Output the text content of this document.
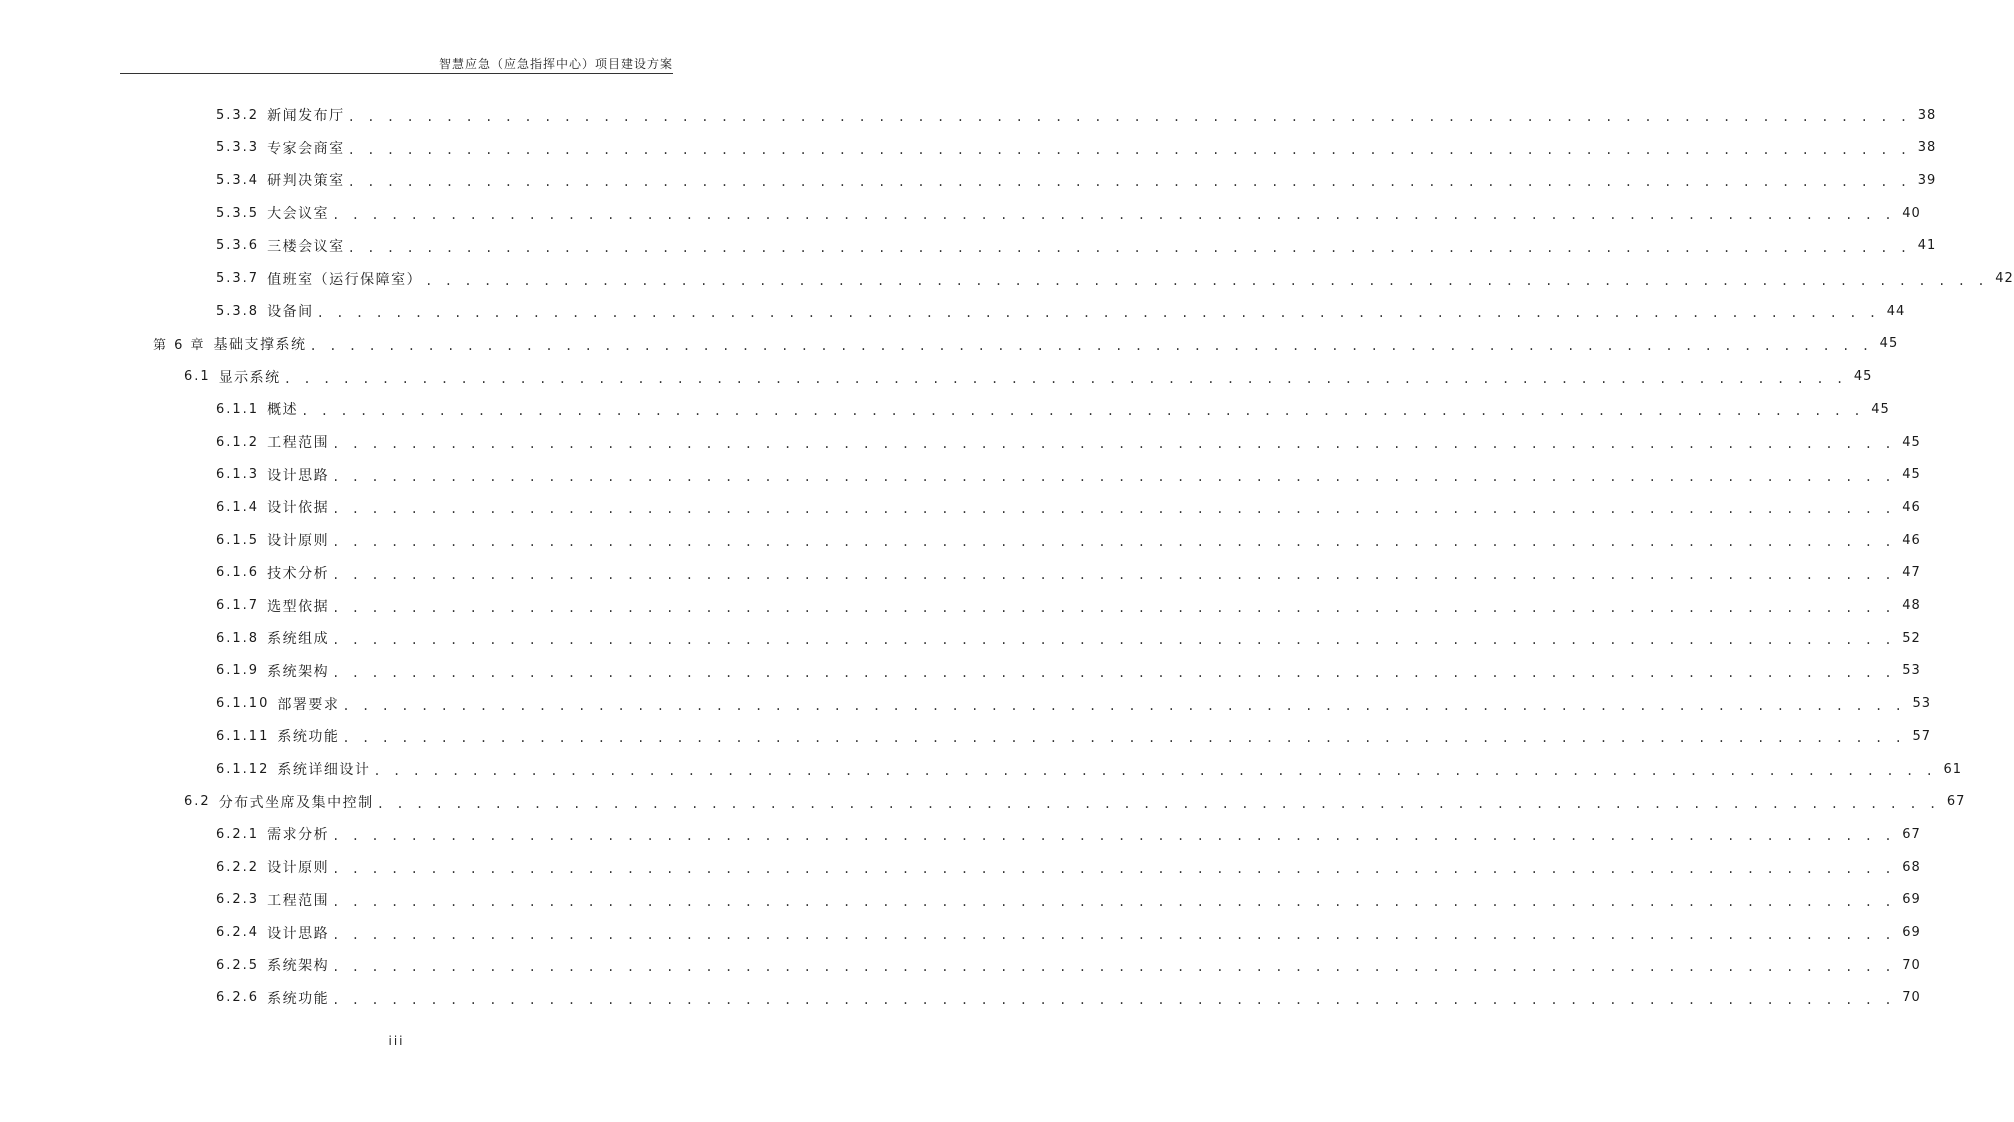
智慧应急（应急指挥中心）项目建设方案
5.3.2 新闻发布厅 . . . . . . . . . . . . . . . . . . . . . . . . . . . . . . . . . . . . . . . . . . . . . . . . . . . . . . . . . . . . . . . . . . . . . . . . . . . . . . . . 38
5.3.3 专家会商室 . . . . . . . . . . . . . . . . . . . . . . . . . . . . . . . . . . . . . . . . . . . . . . . . . . . . . . . . . . . . . . . . . . . . . . . . . . . . . . . . 38
5.3.4 研判决策室 . . . . . . . . . . . . . . . . . . . . . . . . . . . . . . . . . . . . . . . . . . . . . . . . . . . . . . . . . . . . . . . . . . . . . . . . . . . . . . . . 39
5.3.5 大会议室 . . . . . . . . . . . . . . . . . . . . . . . . . . . . . . . . . . . . . . . . . . . . . . . . . . . . . . . . . . . . . . . . . . . . . . . . . . . . . . . . 40
5.3.6 三楼会议室 . . . . . . . . . . . . . . . . . . . . . . . . . . . . . . . . . . . . . . . . . . . . . . . . . . . . . . . . . . . . . . . . . . . . . . . . . . . . . . . . 41
5.3.7 值班室（运行保障室） . . . . . . . . . . . . . . . . . . . . . . . . . . . . . . . . . . . . . . . . . . . . . . . . . . . . . . . . . . . . . . . . . . . . . . . . . . . . . . . . 42
5.3.8 设备间 . . . . . . . . . . . . . . . . . . . . . . . . . . . . . . . . . . . . . . . . . . . . . . . . . . . . . . . . . . . . . . . . . . . . . . . . . . . . . . . . 44
第 6 章 基础支撑系统 . . . . . . . . . . . . . . . . . . . . . . . . . . . . . . . . . . . . . . . . . . . . . . . . . . . . . . . . . . . . . . . . . . . . . . . . . . . . . . . . 45
6.1 显示系统 . . . . . . . . . . . . . . . . . . . . . . . . . . . . . . . . . . . . . . . . . . . . . . . . . . . . . . . . . . . . . . . . . . . . . . . . . . . . . . . . 45
6.1.1 概述 . . . . . . . . . . . . . . . . . . . . . . . . . . . . . . . . . . . . . . . . . . . . . . . . . . . . . . . . . . . . . . . . . . . . . . . . . . . . . . . . 45
6.1.2 工程范围 . . . . . . . . . . . . . . . . . . . . . . . . . . . . . . . . . . . . . . . . . . . . . . . . . . . . . . . . . . . . . . . . . . . . . . . . . . . . . . . . 45
6.1.3 设计思路 . . . . . . . . . . . . . . . . . . . . . . . . . . . . . . . . . . . . . . . . . . . . . . . . . . . . . . . . . . . . . . . . . . . . . . . . . . . . . . . . 45
6.1.4 设计依据 . . . . . . . . . . . . . . . . . . . . . . . . . . . . . . . . . . . . . . . . . . . . . . . . . . . . . . . . . . . . . . . . . . . . . . . . . . . . . . . . 46
6.1.5 设计原则 . . . . . . . . . . . . . . . . . . . . . . . . . . . . . . . . . . . . . . . . . . . . . . . . . . . . . . . . . . . . . . . . . . . . . . . . . . . . . . . . 46
6.1.6 技术分析 . . . . . . . . . . . . . . . . . . . . . . . . . . . . . . . . . . . . . . . . . . . . . . . . . . . . . . . . . . . . . . . . . . . . . . . . . . . . . . . . 47
6.1.7 选型依据 . . . . . . . . . . . . . . . . . . . . . . . . . . . . . . . . . . . . . . . . . . . . . . . . . . . . . . . . . . . . . . . . . . . . . . . . . . . . . . . . 48
6.1.8 系统组成 . . . . . . . . . . . . . . . . . . . . . . . . . . . . . . . . . . . . . . . . . . . . . . . . . . . . . . . . . . . . . . . . . . . . . . . . . . . . . . . . 52
6.1.9 系统架构 . . . . . . . . . . . . . . . . . . . . . . . . . . . . . . . . . . . . . . . . . . . . . . . . . . . . . . . . . . . . . . . . . . . . . . . . . . . . . . . . 53
6.1.10 部署要求 . . . . . . . . . . . . . . . . . . . . . . . . . . . . . . . . . . . . . . . . . . . . . . . . . . . . . . . . . . . . . . . . . . . . . . . . . . . . . . . . 53
6.1.11 系统功能 . . . . . . . . . . . . . . . . . . . . . . . . . . . . . . . . . . . . . . . . . . . . . . . . . . . . . . . . . . . . . . . . . . . . . . . . . . . . . . . . 57
6.1.12 系统详细设计 . . . . . . . . . . . . . . . . . . . . . . . . . . . . . . . . . . . . . . . . . . . . . . . . . . . . . . . . . . . . . . . . . . . . . . . . . . . . . . . . 61
6.2 分布式坐席及集中控制 . . . . . . . . . . . . . . . . . . . . . . . . . . . . . . . . . . . . . . . . . . . . . . . . . . . . . . . . . . . . . . . . . . . . . . . . . . . . . . . . 67
6.2.1 需求分析 . . . . . . . . . . . . . . . . . . . . . . . . . . . . . . . . . . . . . . . . . . . . . . . . . . . . . . . . . . . . . . . . . . . . . . . . . . . . . . . . 67
6.2.2 设计原则 . . . . . . . . . . . . . . . . . . . . . . . . . . . . . . . . . . . . . . . . . . . . . . . . . . . . . . . . . . . . . . . . . . . . . . . . . . . . . . . . 68
6.2.3 工程范围 . . . . . . . . . . . . . . . . . . . . . . . . . . . . . . . . . . . . . . . . . . . . . . . . . . . . . . . . . . . . . . . . . . . . . . . . . . . . . . . . 69
6.2.4 设计思路 . . . . . . . . . . . . . . . . . . . . . . . . . . . . . . . . . . . . . . . . . . . . . . . . . . . . . . . . . . . . . . . . . . . . . . . . . . . . . . . . 69
6.2.5 系统架构 . . . . . . . . . . . . . . . . . . . . . . . . . . . . . . . . . . . . . . . . . . . . . . . . . . . . . . . . . . . . . . . . . . . . . . . . . . . . . . . . 70
6.2.6 系统功能 . . . . . . . . . . . . . . . . . . . . . . . . . . . . . . . . . . . . . . . . . . . . . . . . . . . . . . . . . . . . . . . . . . . . . . . . . . . . . . . . 70
iii
